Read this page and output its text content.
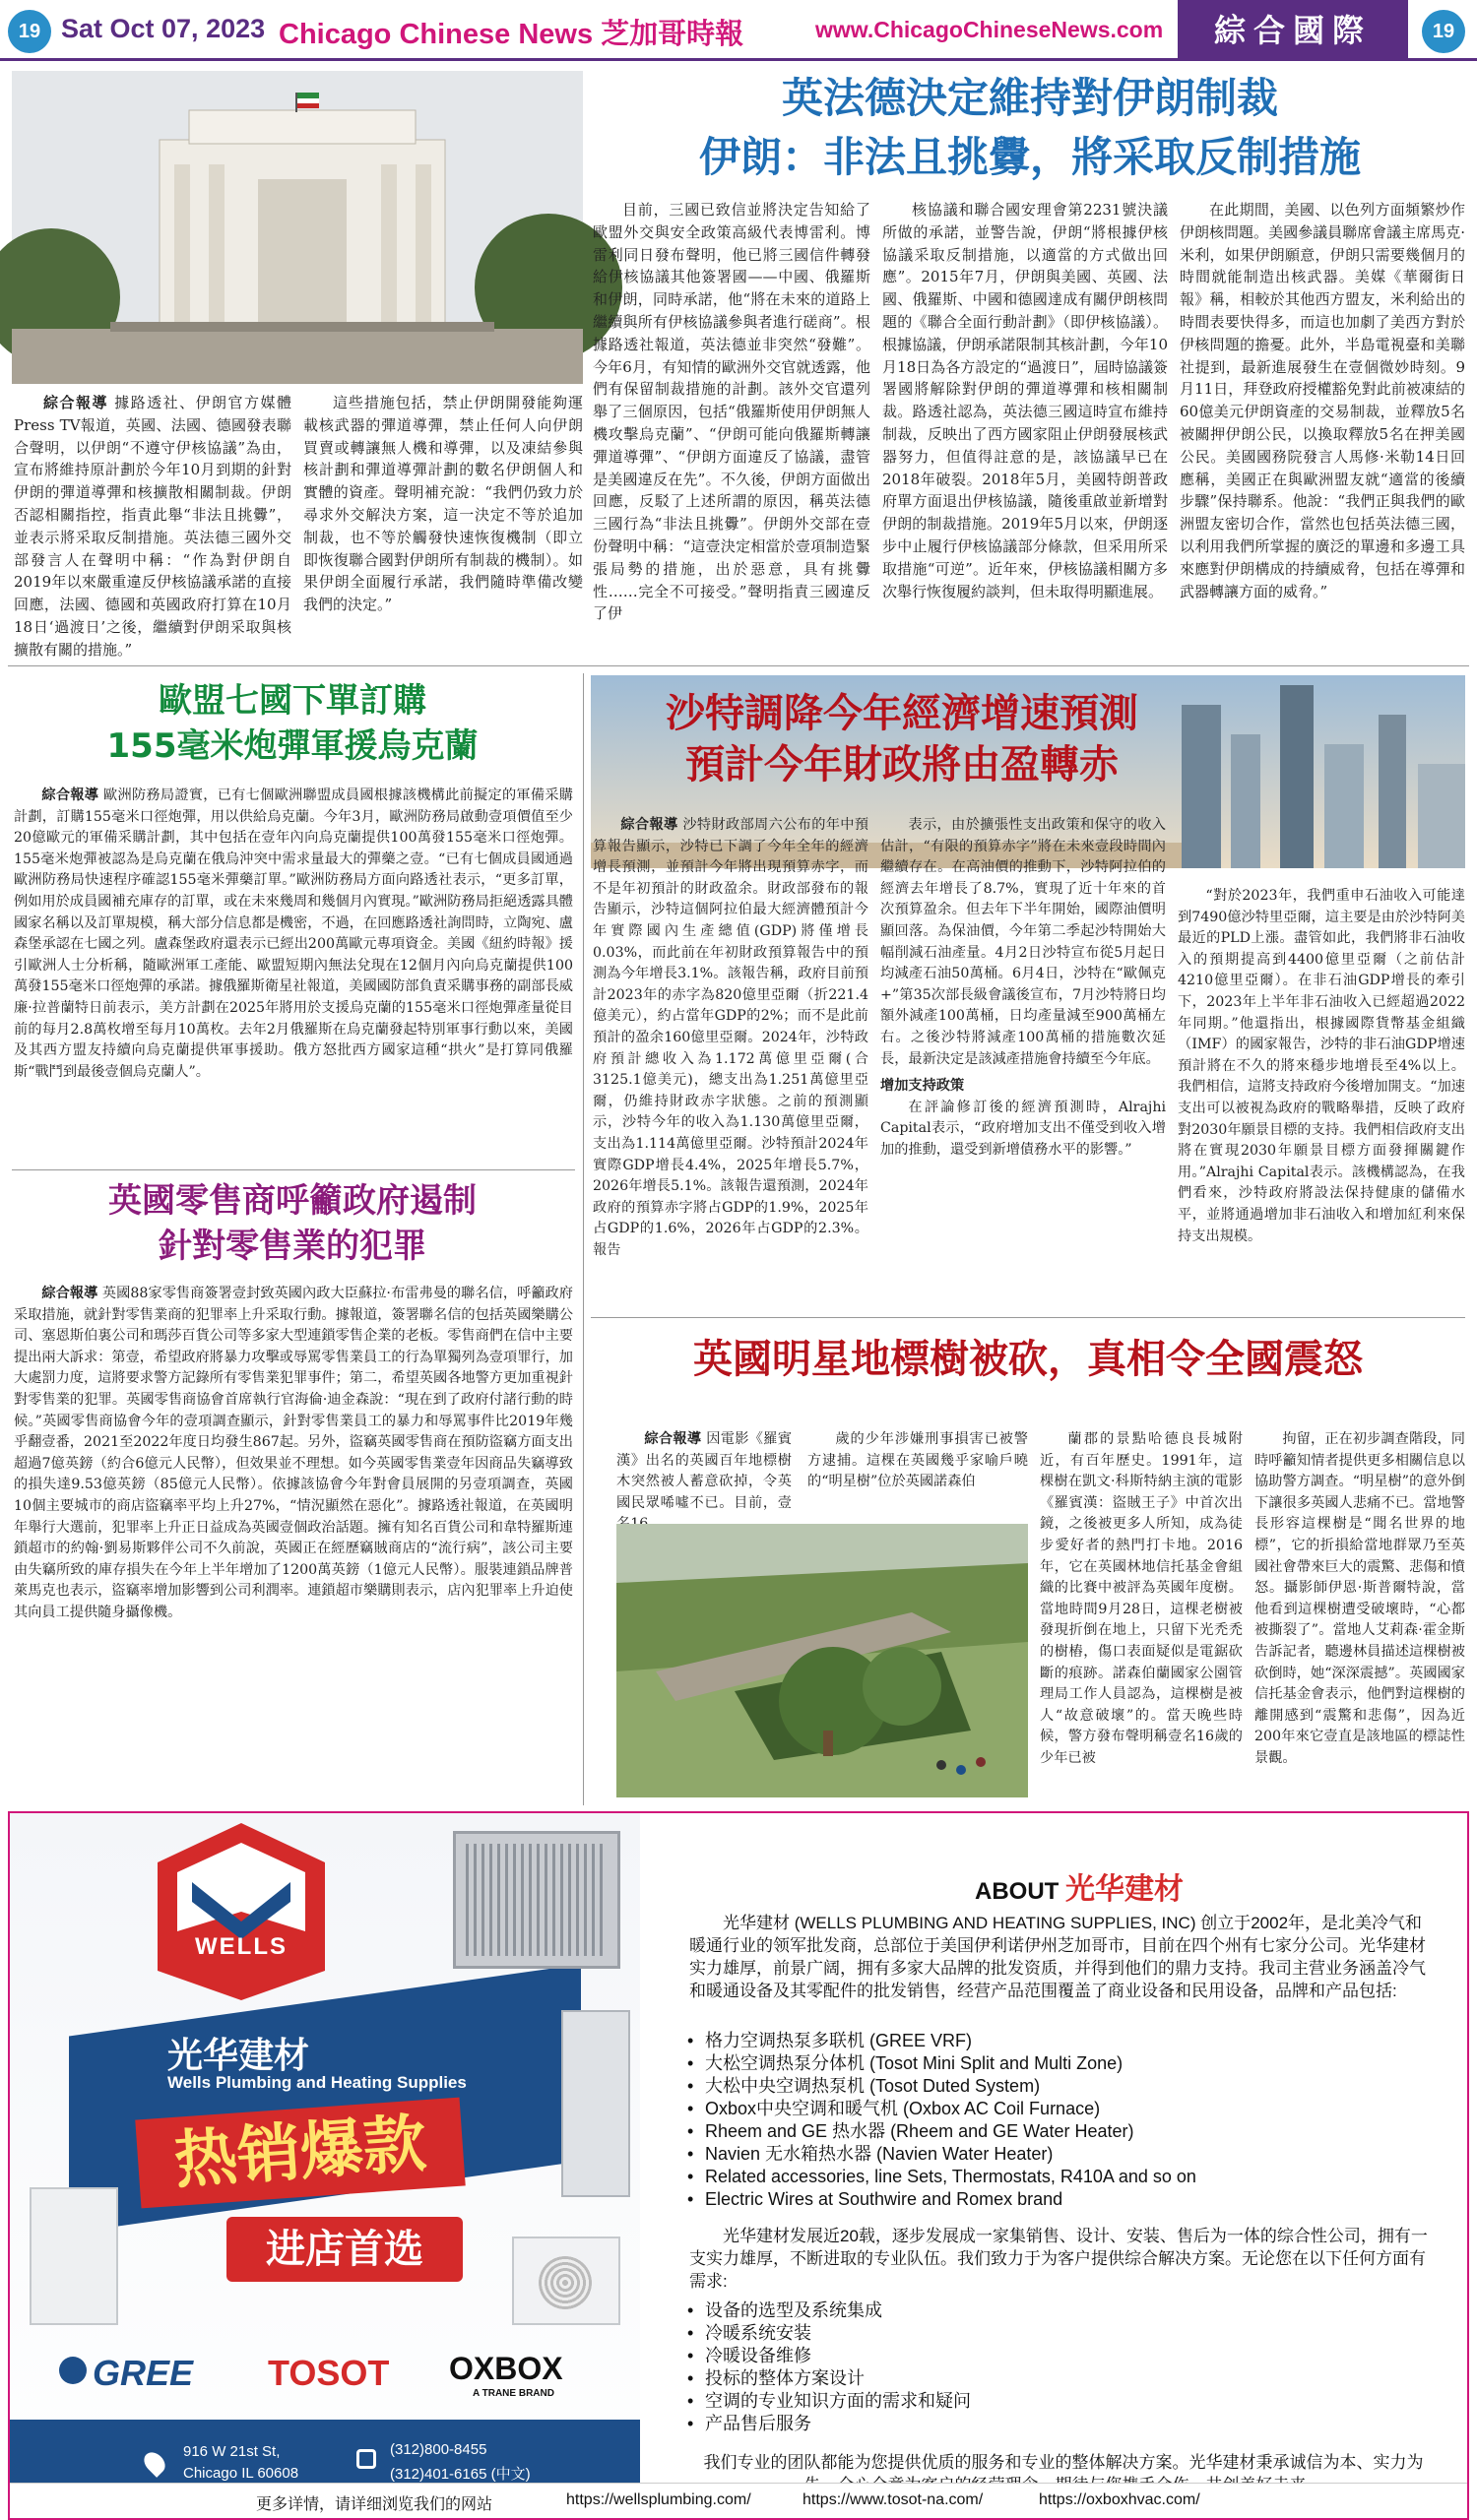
19 Sat Oct 07, 2023 Chicago Chinese News 芝加哥時報	www.ChicagoChineseNews.com	綜合國際	19
英法德決定維持對伊朗制裁
伊朗：非法且挑釁，將采取反制措施

綜合報導 據路透社、伊朗官方媒體Press TV報道，英國、法國、德國發表聯合聲明，以伊朗“不遵守伊核協議”為由，宣布將維持原計劃於今年10月到期的針對伊朗的彈道導彈和核擴散相關制裁。伊朗否認相關指控，指責此舉“非法且挑釁”，並表示將采取反制措施。英法德三國外交部發言人在聲明中稱：“作為對伊朗自2019年以來嚴重違反伊核協議承諾的直接回應，法國、德國和英國政府打算在10月18日‘過渡日’之後，繼續對伊朗采取與核擴散有關的措施。”

這些措施包括，禁止伊朗開發能夠運載核武器的彈道導彈，禁止任何人向伊朗買賣或轉讓無人機和導彈，以及凍結參與核計劃和彈道導彈計劃的數名伊朗個人和實體的資產。聲明補充說：“我們仍致力於尋求外交解決方案，這一決定不等於追加制裁，也不等於觸發快速恢復機制（即立即恢復聯合國對伊朗所有制裁的機制）。如果伊朗全面履行承諾，我們隨時準備改變我們的決定。”

目前，三國已致信並將決定告知給了歐盟外交與安全政策高級代表博雷利。博雷利同日發布聲明，他已將三國信件轉發給伊核協議其他簽署國——中國、俄羅斯和伊朗，同時承諾，他“將在未來的道路上繼續與所有伊核協議參與者進行磋商”。根據路透社報道，英法德並非突然“發難”。今年6月，有知情的歐洲外交官就透露，他們有保留制裁措施的計劃。該外交官還列舉了三個原因，包括“俄羅斯使用伊朗無人機攻擊烏克蘭”、“伊朗可能向俄羅斯轉讓彈道導彈”、“伊朗方面違反了協議，盡管是美國違反在先”。不久後，伊朗方面做出回應，反駁了上述所謂的原因，稱英法德三國行為“非法且挑釁”。伊朗外交部在壹份聲明中稱：“這壹決定相當於壹項制造緊張局勢的措施，出於惡意，具有挑釁性……完全不可接受。”聲明指責三國違反了伊

核協議和聯合國安理會第2231號決議所做的承諾，並警告說，伊朗“將根據伊核協議采取反制措施，以適當的方式做出回應”。2015年7月，伊朗與美國、英國、法國、俄羅斯、中國和德國達成有關伊朗核問題的《聯合全面行動計劃》（即伊核協議）。根據協議，伊朗承諾限制其核計劃，今年10月18日為各方設定的“過渡日”，屆時協議簽署國將解除對伊朗的彈道導彈和核相關制裁。路透社認為，英法德三國這時宣布維持制裁，反映出了西方國家阻止伊朗發展核武器努力，但值得註意的是，該協議早已在2018年破裂。2018年5月，美國特朗普政府單方面退出伊核協議，隨後重啟並新增對伊朗的制裁措施。2019年5月以來，伊朗逐步中止履行伊核協議部分條款，但采用所采取措施“可逆”。近年來，伊核協議相關方多次舉行恢復履約談判，但未取得明顯進展。

在此期間，美國、以色列方面頻繁炒作伊朗核問題。美國參議員聯席會議主席馬克·米利，如果伊朗願意，伊朗只需要幾個月的時間就能制造出核武器。美媒《華爾街日報》稱，相較於其他西方盟友，米利給出的時間表要快得多，而這也加劇了美西方對於伊核問題的擔憂。此外，半島電視臺和美聯社提到，最新進展發生在壹個微妙時刻。9月11日，拜登政府授權豁免對此前被凍結的60億美元伊朗資產的交易制裁，並釋放5名被關押伊朗公民，以換取釋放5名在押美國公民。美國國務院發言人馬修·米勒14日回應稱，美國正在與歐洲盟友就“適當的後續步驟”保持聯系。他說：“我們正與我們的歐洲盟友密切合作，當然也包括英法德三國，以利用我們所掌握的廣泛的單邊和多邊工具來應對伊朗構成的持續威脅，包括在導彈和武器轉讓方面的威脅。”

歐盟七國下單訂購
155毫米炮彈軍援烏克蘭

綜合報導 歐洲防務局證實，已有七個歐洲聯盟成員國根據該機構此前擬定的軍備采購計劃，訂購155毫米口徑炮彈，用以供給烏克蘭。今年3月，歐洲防務局啟動壹項價值至少20億歐元的軍備采購計劃，其中包括在壹年內向烏克蘭提供100萬發155毫米口徑炮彈。155毫米炮彈被認為是烏克蘭在俄烏沖突中需求量最大的彈藥之壹。“已有七個成員國通過歐洲防務局快速程序確認155毫米彈藥訂單。”歐洲防務局方面向路透社表示，“更多訂單，例如用於成員國補充庫存的訂單，或在未來幾周和幾個月內實現。”歐洲防務局拒絕透露具體國家名稱以及訂單規模，稱大部分信息都是機密，不過，在回應路透社詢問時，立陶宛、盧森堡承認在七國之列。盧森堡政府還表示已經出200萬歐元專項資金。美國《紐約時報》援引歐洲人士分析稱，隨歐洲軍工產能、歐盟短期內無法兌現在12個月內向烏克蘭提供100萬發155毫米口徑炮彈的承諾。據俄羅斯衛星社報道，美國國防部負責采購事務的副部長威廉·拉普蘭特日前表示，美方計劃在2025年將用於支援烏克蘭的155毫米口徑炮彈產量從目前的每月2.8萬枚增至每月10萬枚。去年2月俄羅斯在烏克蘭發起特別軍事行動以來，美國及其西方盟友持續向烏克蘭提供軍事援助。俄方怒批西方國家這種“拱火”是打算同俄羅斯“戰鬥到最後壹個烏克蘭人”。

英國零售商呼籲政府遏制
針對零售業的犯罪

綜合報導 英國88家零售商簽署壹封致英國內政大臣蘇拉·布雷弗曼的聯名信，呼籲政府采取措施，就針對零售業商的犯罪率上升采取行動。據報道，簽署聯名信的包括英國樂購公司、塞恩斯伯裏公司和瑪莎百貨公司等多家大型連鎖零售企業的老板。零售商們在信中主要提出兩大訴求：第壹，希望政府將暴力攻擊或辱罵零售業員工的行為單獨列為壹項罪行，加大處罰力度，這將要求警方記錄所有零售業犯罪事件；第二，希望英國各地警方更加重視針對零售業的犯罪。英國零售商協會首席執行官海倫·迪金森說：“現在到了政府付諸行動的時候。”英國零售商協會今年的壹項調查顯示，針對零售業員工的暴力和辱罵事件比2019年幾乎翻壹番，2021至2022年度日均發生867起。另外，盜竊英國零售商在預防盜竊方面支出超過7億英鎊（約合6億元人民幣），但效果並不理想。如今英國零售業壹年因商品失竊導致的損失達9.53億英鎊（85億元人民幣）。依據該協會今年對會員展開的另壹項調查，英國10個主要城市的商店盜竊率平均上升27%，“情況顯然在惡化”。據路透社報道，在英國明年舉行大選前，犯罪率上升正日益成為英國壹個政治話題。擁有知名百貨公司和韋特羅斯連鎖超市的約翰·劉易斯夥伴公司不久前說，英國正在經歷竊賊商店的“流行病”，該公司主要由失竊所致的庫存損失在今年上半年增加了1200萬英鎊（1億元人民幣）。服裝連鎖品牌普萊馬克也表示，盜竊率增加影響到公司利潤率。連鎖超市樂購則表示，店內犯罪率上升迫使其向員工提供隨身攝像機。

沙特調降今年經濟增速預測
預計今年財政將由盈轉赤

綜合報導 沙特財政部周六公布的年中預算報告顯示，沙特已下調了今年全年的經濟增長預測，並預計今年將出現預算赤字，而不是年初預計的財政盈余。財政部發布的報告顯示，沙特這個阿拉伯最大經濟體預計今年實際國內生產總值(GDP)將僅增長0.03%，而此前在年初財政預算報告中的預測為今年增長3.1%。該報告稱，政府目前預計2023年的赤字為820億里亞爾（折221.4億美元），約占當年GDP的2%；而不是此前預計的盈余160億里亞爾。2024年，沙特政府預計總收入為1.172萬億里亞爾(合3125.1億美元)，總支出為1.251萬億里亞爾，仍維持財政赤字狀態。之前的預測顯示，沙特今年的收入為1.130萬億里亞爾，支出為1.114萬億里亞爾。沙特預計2024年實際GDP增長4.4%，2025年增長5.7%，2026年增長5.1%。該報告還預測，2024年政府的預算赤字將占GDP的1.9%，2025年占GDP的1.6%，2026年占GDP的2.3%。報告

表示，由於擴張性支出政策和保守的收入估計，“有限的預算赤字”將在未來壹段時間內繼續存在。在高油價的推動下，沙特阿拉伯的經濟去年增長了8.7%，實現了近十年來的首次預算盈余。但去年下半年開始，國際油價明顯回落。為保油價，今年第二季起沙特開始大幅削減石油產量。4月2日沙特宣布從5月起日均減產石油50萬桶。6月4日，沙特在“歐佩克+”第35次部長級會議後宣布，7月沙特將日均額外減產100萬桶，日均產量減至900萬桶左右。之後沙特將減產100萬桶的措施數次延長，最新決定是該減產措施會持續至今年底。

增加支持政策

在評論修訂後的經濟預測時，Alrajhi Capital表示，“政府增加支出不僅受到收入增加的推動，還受到新增債務水平的影響。”

“對於2023年，我們重申石油收入可能達到7490億沙特里亞爾，這主要是由於沙特阿美最近的PLD上漲。盡管如此，我們將非石油收入的預期提高到4400億里亞爾（之前估計4210億里亞爾）。在非石油GDP增長的牽引下，2023年上半年非石油收入已經超過2022年同期。”他還指出，根據國際貨幣基金組織（IMF）的國家報告，沙特的非石油GDP增速預計將在不久的將來穩步地增長至4%以上。我們相信，這將支持政府今後增加開支。“加速支出可以被視為政府的戰略舉措，反映了政府對2030年願景目標的支持。我們相信政府支出將在實現2030年願景目標方面發揮關鍵作用。”Alrajhi Capital表示。該機構認為，在我們看來，沙特政府將設法保持健康的儲備水平，並將通過增加非石油收入和增加紅利來保持支出規模。

英國明星地標樹被砍，真相令全國震怒

綜合報導 因電影《羅賓漢》出名的英國百年地標樹木突然被人蓄意砍掉，令英國民眾唏噓不已。目前，壹

歲的少年涉嫌刑事損害已被警方逮捕。這棵在英國幾乎家喻戶曉的“明星樹”位於英國諾森伯

蘭郡的景點哈德良長城附近，有百年歷史。1991年，這棵樹在凱文·科斯特納主演的電影《羅賓漢：盜賊王子》中首次出鏡，之後被更多人所知，成為徒步愛好者的熱門打卡地。2016年，它在英國林地信托基金會組織的比賽中被評為英國年度樹。當地時間9月28日，這棵老樹被發現折倒在地上，只留下光禿禿的樹樁，傷口表面疑似是電鋸砍斷的痕跡。諾森伯蘭國家公園管理局工作人員認為，這棵樹是被人“故意破壞”的。當天晚些時候，警方發布聲明稱壹名16歲的少年已被

拘留，正在初步調查階段，同時呼籲知情者提供更多相關信息以協助警方調查。“明星樹”的意外倒下讓很多英國人悲痛不已。當地警長形容這棵樹是“聞名世界的地標”，它的折損給當地群眾乃至英國社會帶來巨大的震驚、悲傷和憤怒。攝影師伊恩·斯普爾特說，當他看到這棵樹遭受破壞時，“心都被撕裂了”。當地人艾莉森·霍金斯告訴記者，聽邊林員描述這棵樹被砍倒時，她“深深震撼”。英國國家信托基金會表示，他們對這棵樹的離開感到“震驚和悲傷”，因為近200年來它壹直是該地區的標誌性景觀。

WELLS
光华建材
Wells Plumbing and Heating Supplies
热销爆款
进店首选
GREE TOSOT OXBOX
A TRANE BRAND
916 W 21st St,
Chicago IL 60608
(312)800-8455
(312)401-6165 (中文)
ABOUT 光华建材
光华建材 (WELLS PLUMBING AND HEATING SUPPLIES, INC) 创立于2002年，是北美冷气和暖通行业的领军批发商，总部位于美国伊利诺伊州芝加哥市，目前在四个州有七家分公司。光华建材实力雄厚，前景广阔，拥有多家大品牌的批发资质，并得到他们的鼎力支持。我司主营业务涵盖冷气和暖通设备及其零配件的批发销售，经营产品范围覆盖了商业设备和民用设备，品牌和产品包括:
• 格力空调热泵多联机 (GREE VRF)
• 大松空调热泵分体机 (Tosot Mini Split and Multi Zone)
• 大松中央空调热泵机 (Tosot Duted System)
• Oxbox中央空调和暖气机 (Oxbox AC Coil Furnace)
• Rheem and GE 热水器 (Rheem and GE Water Heater)
• Navien 无水箱热水器 (Navien Water Heater)
• Related accessories, line Sets, Thermostats, R410A and so on
• Electric Wires at Southwire and Romex brand
光华建材发展近20载，逐步发展成一家集销售、设计、安装、售后为一体的综合性公司，拥有一支实力雄厚，不断进取的专业队伍。我们致力于为客户提供综合解决方案。无论您在以下任何方面有需求:
• 设备的选型及系统集成
• 冷暖系统安装
• 冷暖设备维修
• 投标的整体方案设计
• 空调的专业知识方面的需求和疑问
• 产品售后服务
我们专业的团队都能为您提供优质的服务和专业的整体解决方案。光华建材秉承诚信为本、实力为
更多详情，请详细浏览我们的网站	https://wellsplumbing.com/	https://www.tosot-na.com/	https://oxboxhvac.com/
